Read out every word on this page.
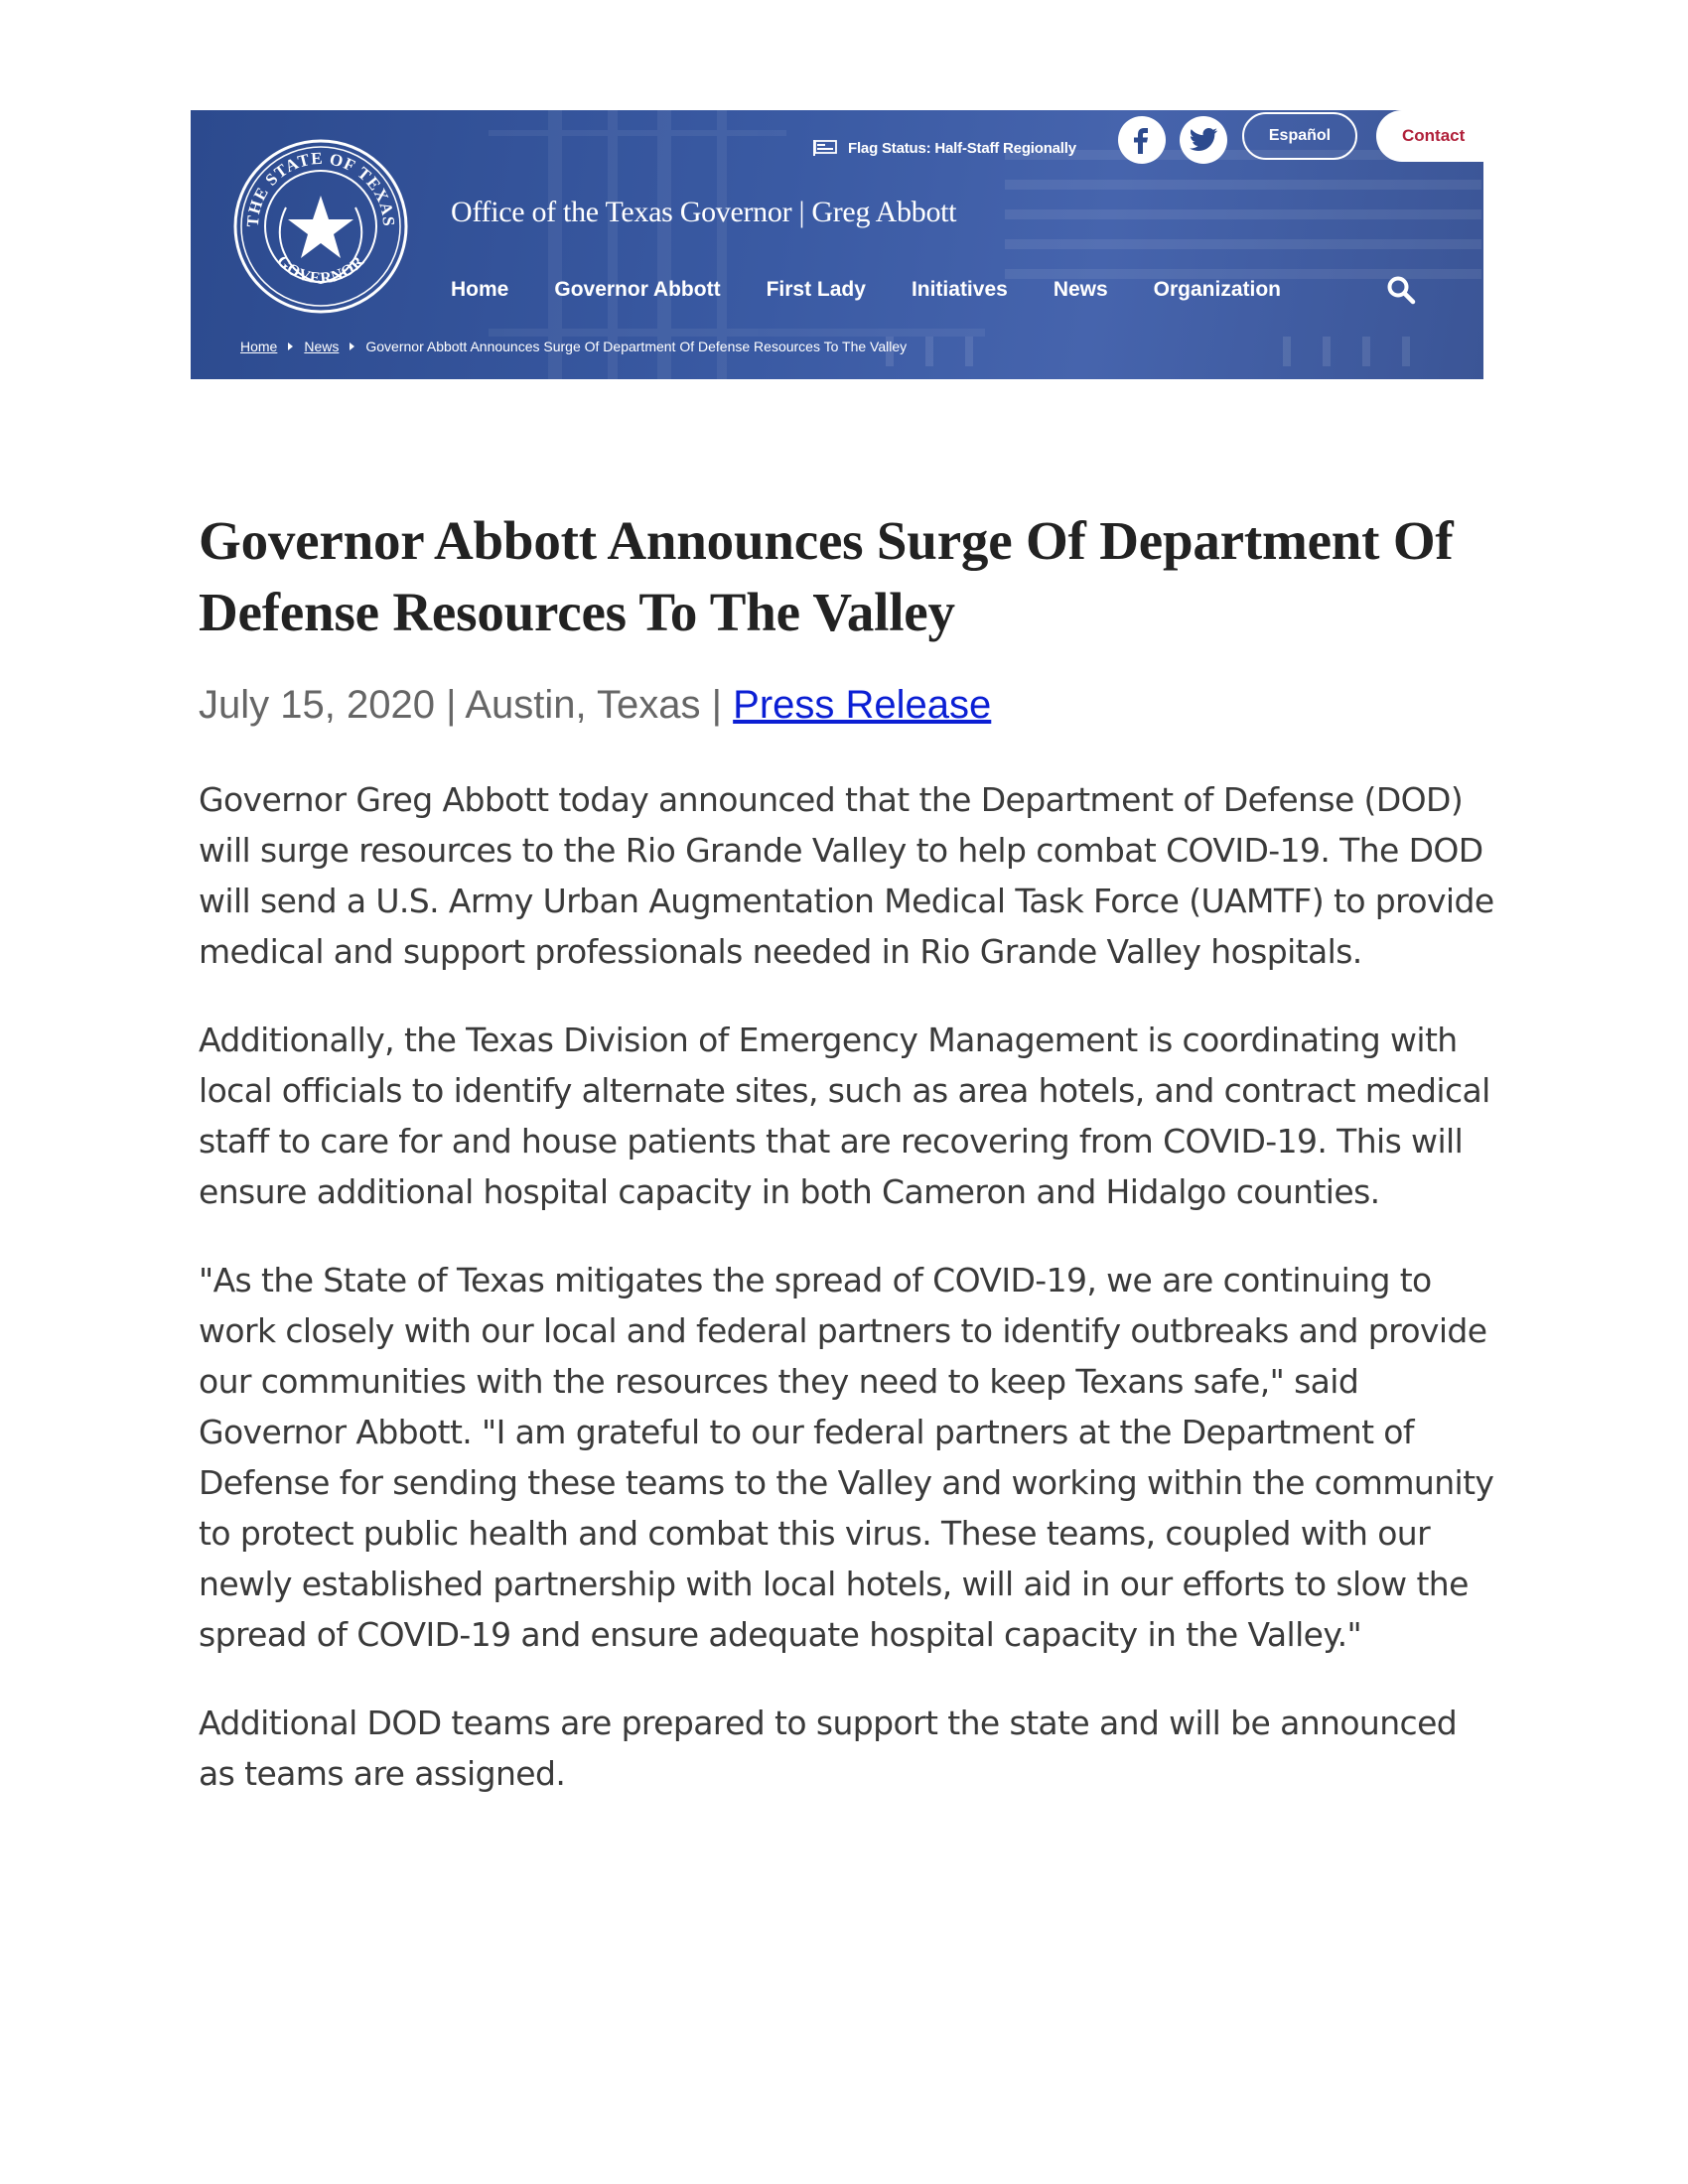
THE STATE OF TEXAS
GOVERNOR
Flag Status: Half-Staff Regionally
Español	Contact
Office of the Texas Governor | Greg Abbott
Home Governor Abbott First Lady Initiatives News Organization
Home News Governor Abbott Announces Surge Of Department Of Defense Resources To The Valley
Governor Abbott Announces Surge Of Department Of Defense Resources To The Valley
July 15, 2020 | Austin, Texas | Press Release

Governor Greg Abbott today announced that the Department of Defense (DOD) will surge resources to the Rio Grande Valley to help combat COVID-19. The DOD will send a U.S. Army Urban Augmentation Medical Task Force (UAMTF) to provide medical and support professionals needed in Rio Grande Valley hospitals.

Additionally, the Texas Division of Emergency Management is coordinating with local officials to identify alternate sites, such as area hotels, and contract medical staff to care for and house patients that are recovering from COVID-19. This will ensure additional hospital capacity in both Cameron and Hidalgo counties.

"As the State of Texas mitigates the spread of COVID-19, we are continuing to work closely with our local and federal partners to identify outbreaks and provide our communities with the resources they need to keep Texans safe," said Governor Abbott. "I am grateful to our federal partners at the Department of Defense for sending these teams to the Valley and working within the community to protect public health and combat this virus. These teams, coupled with our newly established partnership with local hotels, will aid in our efforts to slow the spread of COVID-19 and ensure adequate hospital capacity in the Valley."

Additional DOD teams are prepared to support the state and will be announced as teams are assigned.
